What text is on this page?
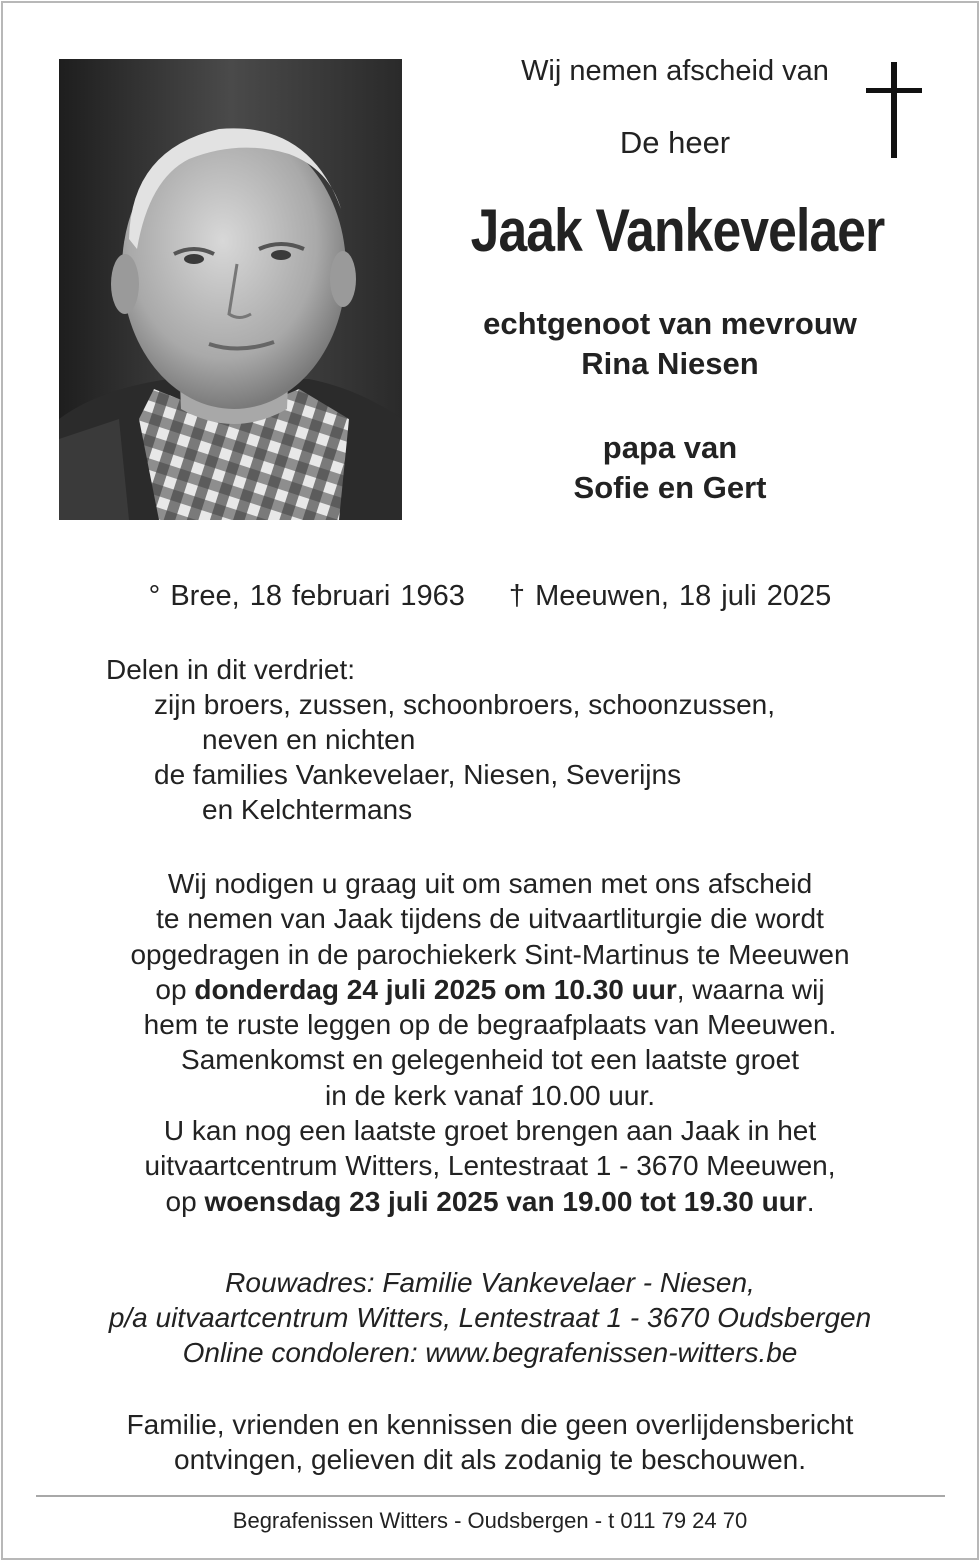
Wij nemen afscheid van
De heer
Jaak Vankevelaer
echtgenoot van mevrouw
Rina Niesen
papa van
Sofie en Gert
° Bree, 18 februari 1963 † Meeuwen, 18 juli 2025
Delen in dit verdriet:
zijn broers, zussen, schoonbroers, schoonzussen,
neven en nichten
de families Vankevelaer, Niesen, Severijns
en Kelchtermans
Wij nodigen u graag uit om samen met ons afscheid
te nemen van Jaak tijdens de uitvaartliturgie die wordt
opgedragen in de parochiekerk Sint-Martinus te Meeuwen
op donderdag 24 juli 2025 om 10.30 uur, waarna wij
hem te ruste leggen op de begraafplaats van Meeuwen.
Samenkomst en gelegenheid tot een laatste groet
in de kerk vanaf 10.00 uur.
U kan nog een laatste groet brengen aan Jaak in het
uitvaartcentrum Witters, Lentestraat 1 - 3670 Meeuwen,
op woensdag 23 juli 2025 van 19.00 tot 19.30 uur.
Rouwadres: Familie Vankevelaer - Niesen,
p/a uitvaartcentrum Witters, Lentestraat 1 - 3670 Oudsbergen
Online condoleren: www.begrafenissen-witters.be
Familie, vrienden en kennissen die geen overlijdensbericht
ontvingen, gelieven dit als zodanig te beschouwen.
Begrafenissen Witters - Oudsbergen - t 011 79 24 70
